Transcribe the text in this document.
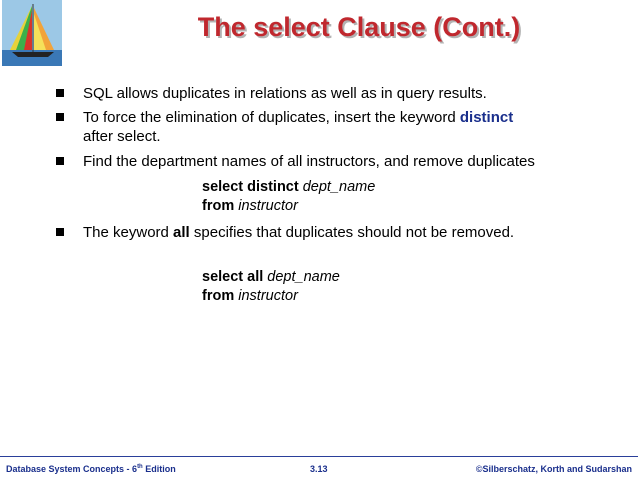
The select Clause (Cont.)
SQL allows duplicates in relations as well as in query results.
To force the elimination of duplicates, insert the keyword distinct
after select.
Find the department names of all instructors, and remove duplicates
The keyword all specifies that duplicates should not be removed.
select distinct dept_name
from instructor
select all dept_name
from instructor
Database System Concepts - 6th Edition	3.13	©Silberschatz, Korth and Sudarshan
